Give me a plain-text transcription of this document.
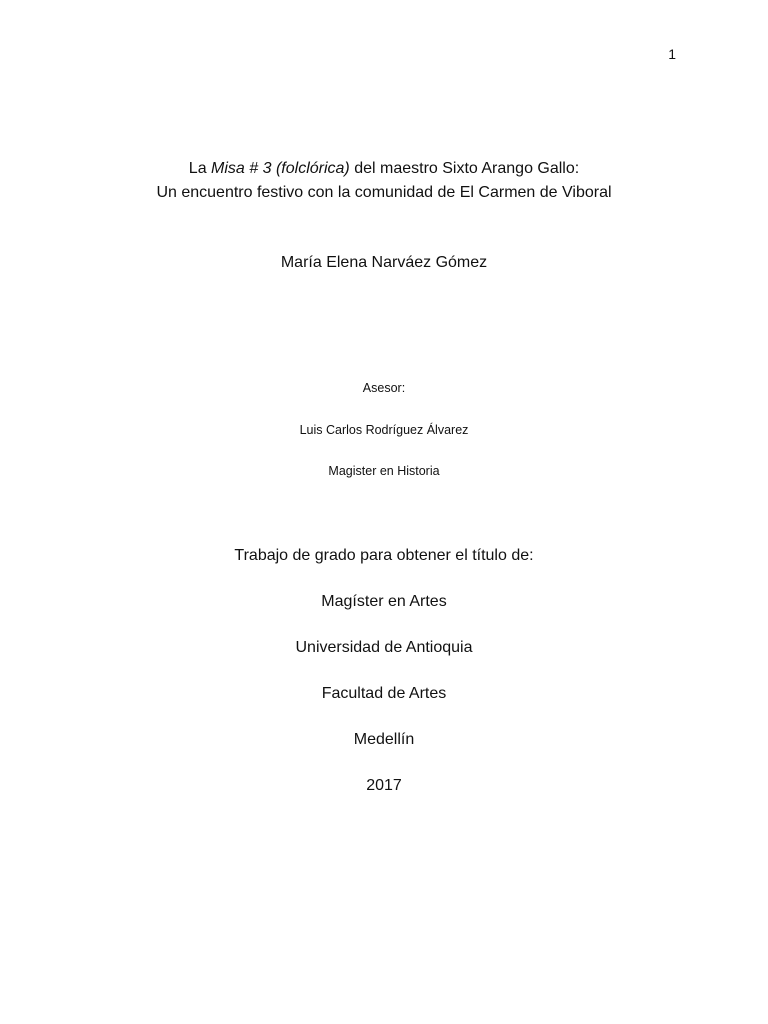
1
La Misa # 3 (folclórica) del maestro Sixto Arango Gallo:
Un encuentro festivo con la comunidad de El Carmen de Viboral
María Elena Narváez Gómez
Asesor:
Luis Carlos Rodríguez Álvarez
Magister en Historia
Trabajo de grado para obtener el título de:
Magíster en Artes
Universidad de Antioquia
Facultad de Artes
Medellín
2017
